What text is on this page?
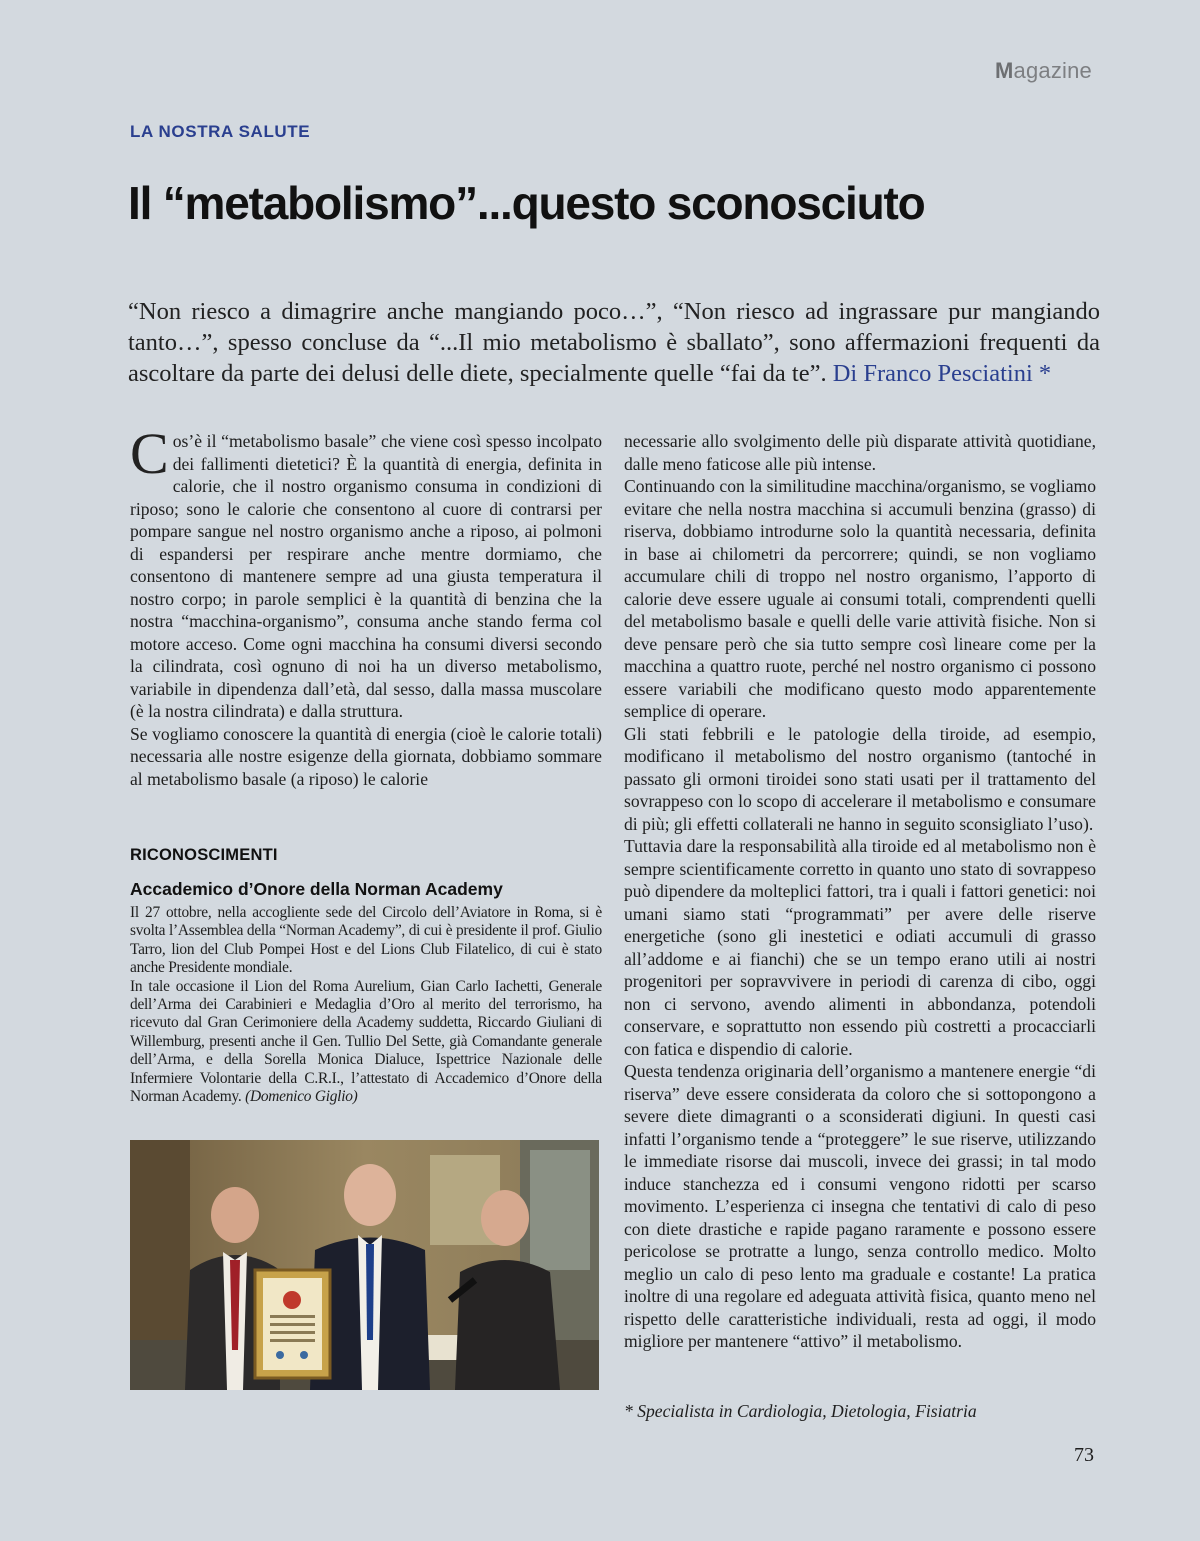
Magazine
LA NOSTRA SALUTE
Il “metabolismo”...questo sconosciuto

“Non riesco a dimagrire anche mangiando poco…”, “Non riesco ad ingrassare pur mangiando tanto…”, spesso concluse da “...Il mio metabolismo è sballato”, sono affermazioni frequenti da ascoltare da parte dei delusi delle diete, specialmente quelle “fai da te”. Di Franco Pesciatini *

Cos’è il “metabolismo basale” che viene così spesso incolpato dei fallimenti dietetici? È la quantità di energia, definita in calorie, che il nostro organismo consuma in condizioni di riposo; sono le calorie che consentono al cuore di contrarsi per pompare sangue nel nostro organismo anche a riposo, ai polmoni di espandersi per respirare anche mentre dormiamo, che consentono di mantenere sempre ad una giusta temperatura il nostro corpo; in parole semplici è la quantità di benzina che la nostra “macchina-organismo”, consuma anche stando ferma col motore acceso. Come ogni macchina ha consumi diversi secondo la cilindrata, così ognuno di noi ha un diverso metabolismo, variabile in dipendenza dall’età, dal sesso, dalla massa muscolare (è la nostra cilindrata) e dalla struttura.

Se vogliamo conoscere la quantità di energia (cioè le calorie totali) necessaria alle nostre esigenze della giornata, dobbiamo sommare al metabolismo basale (a riposo) le calorie

RICONOSCIMENTI
Accademico d’Onore della Norman Academy

Il 27 ottobre, nella accogliente sede del Circolo dell’Aviatore in Roma, si è svolta l’Assemblea della “Norman Academy”, di cui è presidente il prof. Giulio Tarro, lion del Club Pompei Host e del Lions Club Filatelico, di cui è stato anche Presidente mondiale.

In tale occasione il Lion del Roma Aurelium, Gian Carlo Iachetti, Generale dell’Arma dei Carabinieri e Medaglia d’Oro al merito del terrorismo, ha ricevuto dal Gran Cerimoniere della Academy suddetta, Riccardo Giuliani di Willemburg, presenti anche il Gen. Tullio Del Sette, già Comandante generale dell’Arma, e della Sorella Monica Dialuce, Ispettrice Nazionale delle Infermiere Volontarie della C.R.I., l’attestato di Accademico d’Onore della Norman Academy. (Domenico Giglio)

necessarie allo svolgimento delle più disparate attività quotidiane, dalle meno faticose alle più intense.

Continuando con la similitudine macchina/organismo, se vogliamo evitare che nella nostra macchina si accumuli benzina (grasso) di riserva, dobbiamo introdurne solo la quantità necessaria, definita in base ai chilometri da percorrere; quindi, se non vogliamo accumulare chili di troppo nel nostro organismo, l’apporto di calorie deve essere uguale ai consumi totali, comprendenti quelli del metabolismo basale e quelli delle varie attività fisiche. Non si deve pensare però che sia tutto sempre così lineare come per la macchina a quattro ruote, perché nel nostro organismo ci possono essere variabili che modificano questo modo apparentemente semplice di operare.

Gli stati febbrili e le patologie della tiroide, ad esempio, modificano il metabolismo del nostro organismo (tantoché in passato gli ormoni tiroidei sono stati usati per il trattamento del sovrappeso con lo scopo di accelerare il metabolismo e consumare di più; gli effetti collaterali ne hanno in seguito sconsigliato l’uso).

Tuttavia dare la responsabilità alla tiroide ed al metabolismo non è sempre scientificamente corretto in quanto uno stato di sovrappeso può dipendere da molteplici fattori, tra i quali i fattori genetici: noi umani siamo stati “programmati” per avere delle riserve energetiche (sono gli inestetici e odiati accumuli di grasso all’addome e ai fianchi) che se un tempo erano utili ai nostri progenitori per sopravvivere in periodi di carenza di cibo, oggi non ci servono, avendo alimenti in abbondanza, potendoli conservare, e soprattutto non essendo più costretti a procacciarli con fatica e dispendio di calorie.

Questa tendenza originaria dell’organismo a mantenere energie “di riserva” deve essere considerata da coloro che si sottopongono a severe diete dimagranti o a sconsiderati digiuni. In questi casi infatti l’organismo tende a “proteggere” le sue riserve, utilizzando le immediate risorse dai muscoli, invece dei grassi; in tal modo induce stanchezza ed i consumi vengono ridotti per scarso movimento. L’esperienza ci insegna che tentativi di calo di peso con diete drastiche e rapide pagano raramente e possono essere pericolose se protratte a lungo, senza controllo medico. Molto meglio un calo di peso lento ma graduale e costante! La pratica inoltre di una regolare ed adeguata attività fisica, quanto meno nel rispetto delle caratteristiche individuali, resta ad oggi, il modo migliore per mantenere “attivo” il metabolismo.

* Specialista in Cardiologia, Dietologia, Fisiatria
73
